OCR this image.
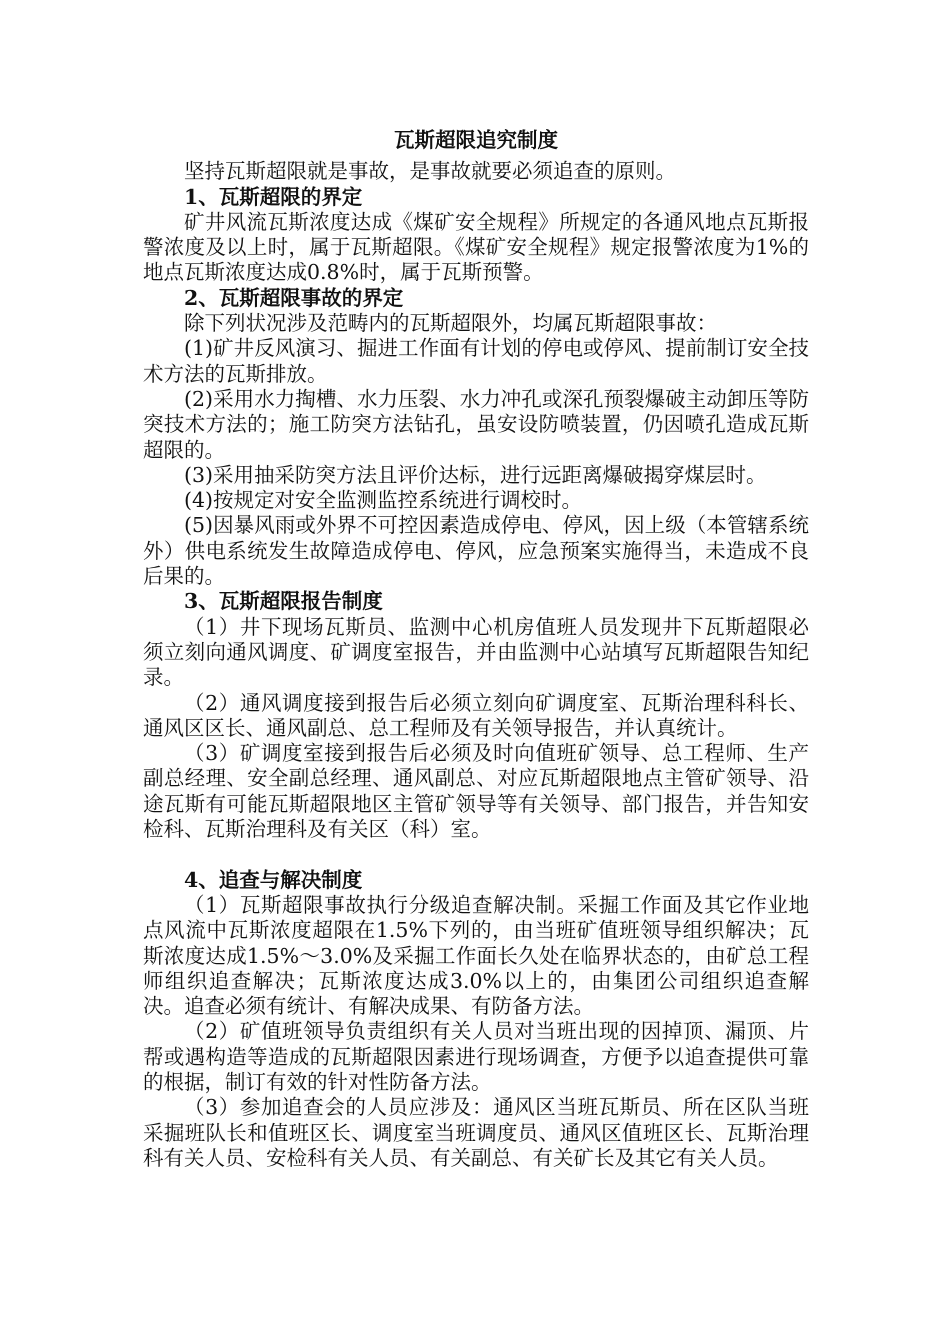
瓦斯超限追究制度

坚持瓦斯超限就是事故，是事故就要必须追查的原则。

1、瓦斯超限的界定

矿井风流瓦斯浓度达成《煤矿安全规程》所规定的各通风地点瓦斯报警浓度及以上时，属于瓦斯超限。《煤矿安全规程》规定报警浓度为1%的地点瓦斯浓度达成0.8%时，属于瓦斯预警。

2、瓦斯超限事故的界定

除下列状况涉及范畴内的瓦斯超限外，均属瓦斯超限事故：

(1)矿井反风演习、掘进工作面有计划的停电或停风、提前制订安全技术方法的瓦斯排放。

(2)采用水力掏槽、水力压裂、水力冲孔或深孔预裂爆破主动卸压等防突技术方法的；施工防突方法钻孔，虽安设防喷装置，仍因喷孔造成瓦斯超限的。

(3)采用抽采防突方法且评价达标，进行远距离爆破揭穿煤层时。

(4)按规定对安全监测监控系统进行调校时。

(5)因暴风雨或外界不可控因素造成停电、停风，因上级（本管辖系统外）供电系统发生故障造成停电、停风，应急预案实施得当，未造成不良后果的。

3、瓦斯超限报告制度

（1）井下现场瓦斯员、监测中心机房值班人员发现井下瓦斯超限必须立刻向通风调度、矿调度室报告，并由监测中心站填写瓦斯超限告知纪录。

（2）通风调度接到报告后必须立刻向矿调度室、瓦斯治理科科长、通风区区长、通风副总、总工程师及有关领导报告，并认真统计。

（3）矿调度室接到报告后必须及时向值班矿领导、总工程师、生产副总经理、安全副总经理、通风副总、对应瓦斯超限地点主管矿领导、沿途瓦斯有可能瓦斯超限地区主管矿领导等有关领导、部门报告，并告知安检科、瓦斯治理科及有关区（科）室。

4、追查与解决制度

（1）瓦斯超限事故执行分级追查解决制。采掘工作面及其它作业地点风流中瓦斯浓度超限在1.5%下列的，由当班矿值班领导组织解决；瓦斯浓度达成1.5%～3.0%及采掘工作面长久处在临界状态的，由矿总工程师组织追查解决；瓦斯浓度达成3.0%以上的，由集团公司组织追查解决。追查必须有统计、有解决成果、有防备方法。

（2）矿值班领导负责组织有关人员对当班出现的因掉顶、漏顶、片帮或遇构造等造成的瓦斯超限因素进行现场调查，方便予以追查提供可靠的根据，制订有效的针对性防备方法。

（3）参加追查会的人员应涉及：通风区当班瓦斯员、所在区队当班采掘班队长和值班区长、调度室当班调度员、通风区值班区长、瓦斯治理科有关人员、安检科有关人员、有关副总、有关矿长及其它有关人员。
